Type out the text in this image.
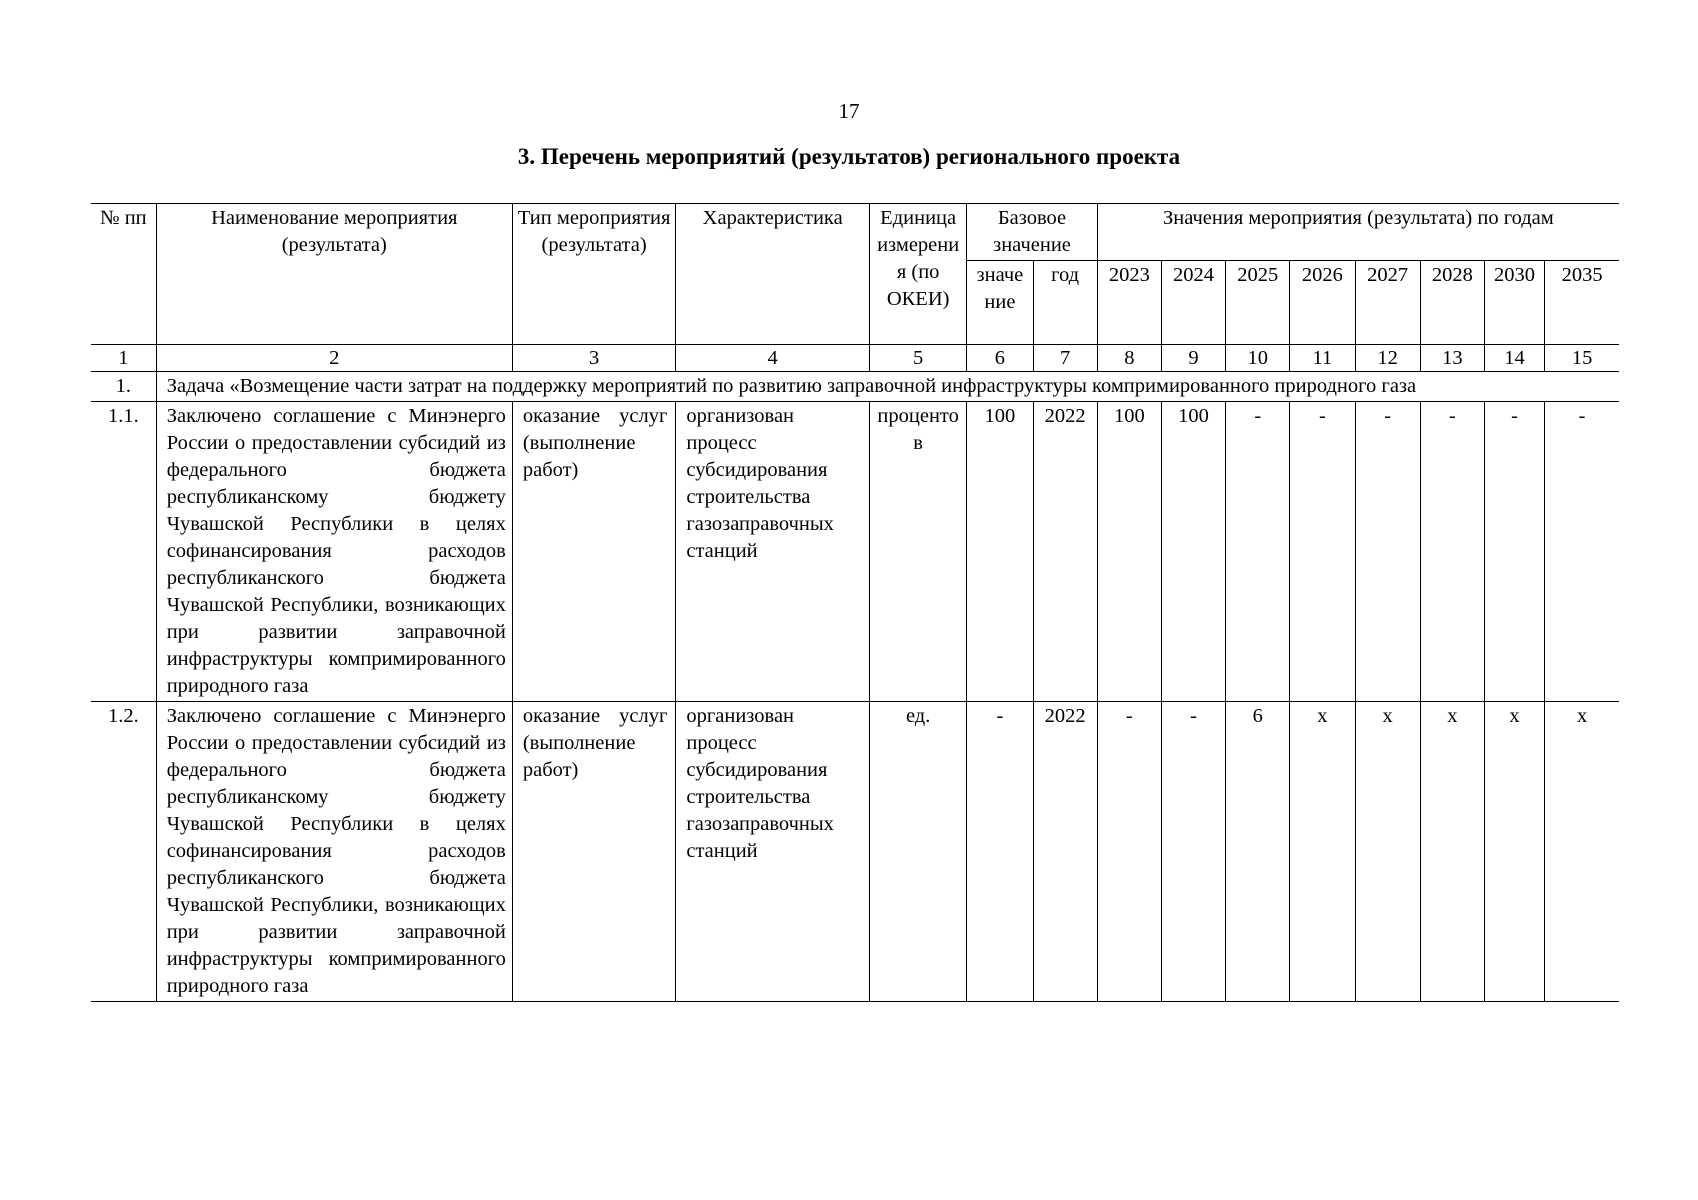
17
3. Перечень мероприятий (результатов) регионального проекта
№ пп	Наименование мероприятия (результата)	Тип мероприятия (результата)	Характеристика	Единица измерения (по ОКЕИ)	Базовое значение		Значения мероприятия (результата) по годам							
					значение	год	2023	2024	2025	2026	2027	2028	2030	2035
1	2	3	4	5	6	7	8	9	10	11	12	13	14	15
1.	Задача «Возмещение части затрат на поддержку мероприятий по развитию заправочной инфраструктуры компримированного природного газа													
1.1.	Заключено соглашение с Минэнерго России о предоставлении субсидий из федерального бюджета республиканскому бюджету Чувашской Республики в целях софинансирования расходов республиканского бюджета Чувашской Республики, возникающих при развитии заправочной инфраструктуры компримированного природного газа	оказание услуг (выполнение работ)	организован процесс субсидирования строительства газозаправочных станций	процентов	100	2022	100	100	-	-	-	-	-	-
1.2.	Заключено соглашение с Минэнерго России о предоставлении субсидий из федерального бюджета республиканскому бюджету Чувашской Республики в целях софинансирования расходов республиканского бюджета Чувашской Республики, возникающих при развитии заправочной инфраструктуры компримированного природного газа	оказание услуг (выполнение работ)	организован процесс субсидирования строительства газозаправочных станций	ед.	-	2022	-	-	6	x	x	x	x	x
